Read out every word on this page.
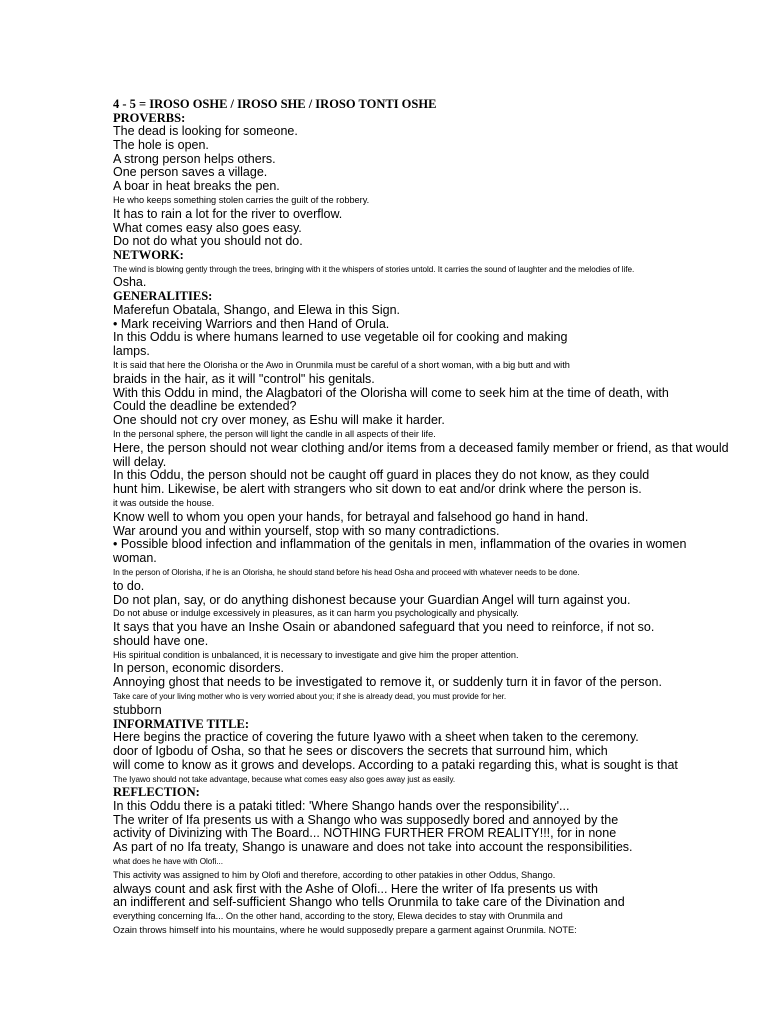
4 - 5 = IROSO OSHE / IROSO SHE / IROSO TONTI OSHE
PROVERBS:
The dead is looking for someone.
The hole is open.
A strong person helps others.
One person saves a village.
A boar in heat breaks the pen.
He who keeps something stolen carries the guilt of the robbery.
It has to rain a lot for the river to overflow.
What comes easy also goes easy.
Do not do what you should not do.
NETWORK:
The wind is blowing gently through the trees, bringing with it the whispers of stories untold. It carries the sound of laughter and the melodies of life.
Osha.
GENERALITIES:
Maferefun Obatala, Shango, and Elewa in this Sign.
• Mark receiving Warriors and then Hand of Orula.
In this Oddu is where humans learned to use vegetable oil for cooking and making
lamps.
It is said that here the Olorisha or the Awo in Orunmila must be careful of a short woman, with a big butt and with
braids in the hair, as it will "control" his genitals.
With this Oddu in mind, the Alagbatori of the Olorisha will come to seek him at the time of death, with
Could the deadline be extended?
One should not cry over money, as Eshu will make it harder.
In the personal sphere, the person will light the candle in all aspects of their life.
Here, the person should not wear clothing and/or items from a deceased family member or friend, as that would
will delay.
In this Oddu, the person should not be caught off guard in places they do not know, as they could
hunt him. Likewise, be alert with strangers who sit down to eat and/or drink where the person is.
it was outside the house.
Know well to whom you open your hands, for betrayal and falsehood go hand in hand.
War around you and within yourself, stop with so many contradictions.
• Possible blood infection and inflammation of the genitals in men, inflammation of the ovaries in women
woman.
In the person of Olorisha, if he is an Olorisha, he should stand before his head Osha and proceed with whatever needs to be done.
to do.
Do not plan, say, or do anything dishonest because your Guardian Angel will turn against you.
Do not abuse or indulge excessively in pleasures, as it can harm you psychologically and physically.
It says that you have an Inshe Osain or abandoned safeguard that you need to reinforce, if not so.
should have one.
His spiritual condition is unbalanced, it is necessary to investigate and give him the proper attention.
In person, economic disorders.
Annoying ghost that needs to be investigated to remove it, or suddenly turn it in favor of the person.
Take care of your living mother who is very worried about you; if she is already dead, you must provide for her.
stubborn
INFORMATIVE TITLE:
Here begins the practice of covering the future Iyawo with a sheet when taken to the ceremony.
door of Igbodu of Osha, so that he sees or discovers the secrets that surround him, which
will come to know as it grows and develops. According to a pataki regarding this, what is sought is that
The Iyawo should not take advantage, because what comes easy also goes away just as easily.
REFLECTION:
In this Oddu there is a pataki titled: 'Where Shango hands over the responsibility'...
The writer of Ifa presents us with a Shango who was supposedly bored and annoyed by the
activity of Divinizing with The Board... NOTHING FURTHER FROM REALITY!!!, for in none
As part of no Ifa treaty, Shango is unaware and does not take into account the responsibilities.
what does he have with Olofi...
This activity was assigned to him by Olofi and therefore, according to other patakies in other Oddus, Shango.
always count and ask first with the Ashe of Olofi... Here the writer of Ifa presents us with
an indifferent and self-sufficient Shango who tells Orunmila to take care of the Divination and
everything concerning Ifa... On the other hand, according to the story, Elewa decides to stay with Orunmila and
Ozain throws himself into his mountains, where he would supposedly prepare a garment against Orunmila. NOTE:
